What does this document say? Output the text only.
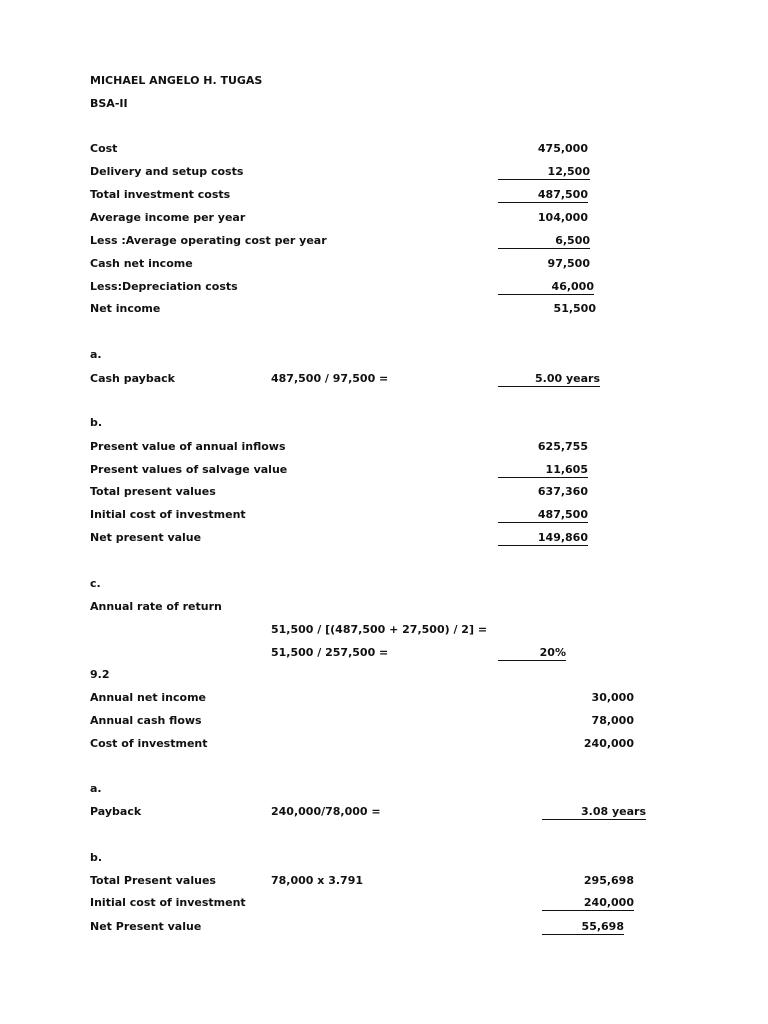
MICHAEL ANGELO H. TUGAS
BSA-II
Cost	475,000
Delivery and setup costs	12,500
Total investment costs	487,500
Average income per year	104,000
Less :Average operating cost per year	6,500
Cash net income	97,500
Less:Depreciation costs	46,000
Net income	51,500
a.
Cash payback	487,500 / 97,500 =	5.00 years
b.
Present value of annual inflows	625,755
Present values of salvage value	11,605
Total present values	637,360
Initial cost of investment	487,500
Net present value	149,860
c.
Annual rate of return
51,500 / [(487,500 + 27,500) / 2] =
51,500 / 257,500 =	20%
9.2
Annual net income	30,000
Annual cash flows	78,000
Cost of investment	240,000
a.
Payback	240,000/78,000 =	3.08 years
b.
Total Present values	78,000 x 3.791	295,698
Initial cost of investment	240,000
Net Present value	55,698
